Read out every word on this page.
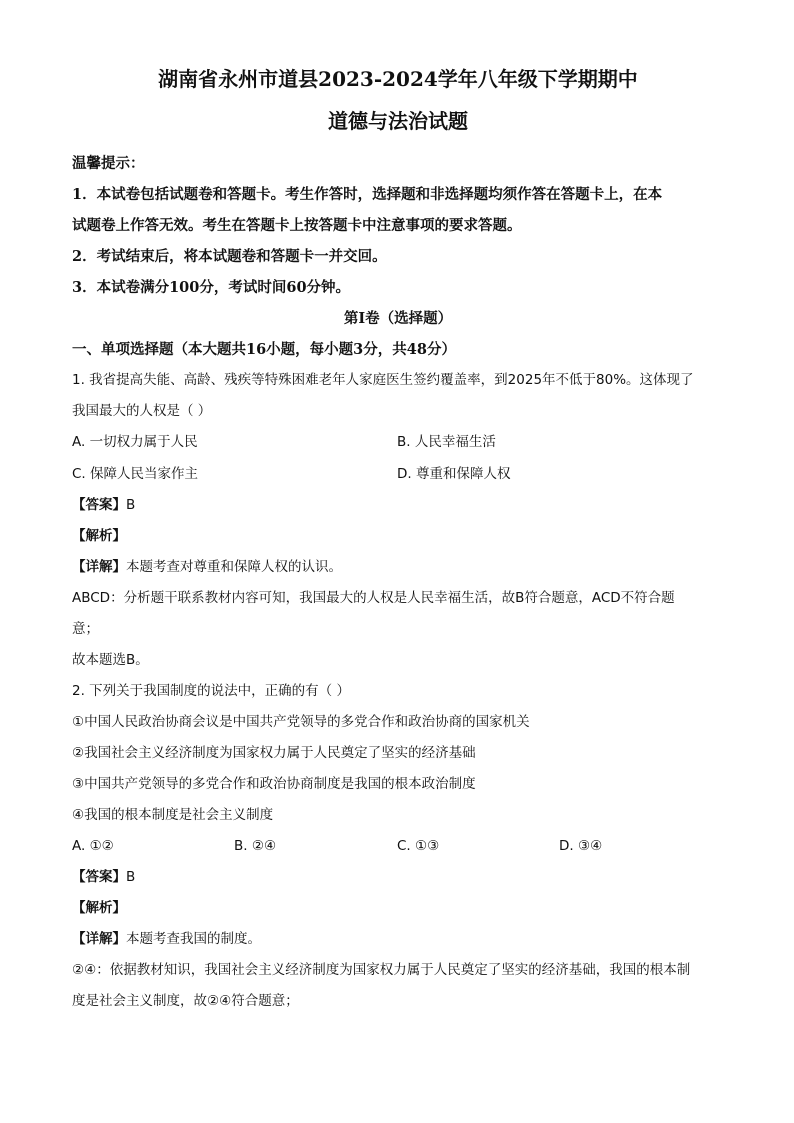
湖南省永州市道县2023-2024学年八年级下学期期中
道德与法治试题

温馨提示：

1．本试卷包括试题卷和答题卡。考生作答时，选择题和非选择题均须作答在答题卡上，在本

试题卷上作答无效。考生在答题卡上按答题卡中注意事项的要求答题。

2．考试结束后，将本试题卷和答题卡一并交回。

3．本试卷满分100分，考试时间60分钟。

第Ⅰ卷（选择题）

一、单项选择题（本大题共16小题，每小题3分，共48分）

1. 我省提高失能、高龄、残疾等特殊困难老年人家庭医生签约覆盖率，到2025年不低于80%。这体现了

我国最大的人权是（ ）

A. 一切权力属于人民	B. 人民幸福生活
C. 保障人民当家作主	D. 尊重和保障人权

【答案】B

【解析】

【详解】本题考查对尊重和保障人权的认识。

ABCD：分析题干联系教材内容可知，我国最大的人权是人民幸福生活，故B符合题意，ACD不符合题

意；

故本题选B。

2. 下列关于我国制度的说法中，正确的有（ ）

①中国人民政治协商会议是中国共产党领导的多党合作和政治协商的国家机关

②我国社会主义经济制度为国家权力属于人民奠定了坚实的经济基础

③中国共产党领导的多党合作和政治协商制度是我国的根本政治制度

④我国的根本制度是社会主义制度

A. ①②	B. ②④	C. ①③	D. ③④

【答案】B

【解析】

【详解】本题考查我国的制度。

②④：依据教材知识，我国社会主义经济制度为国家权力属于人民奠定了坚实的经济基础，我国的根本制

度是社会主义制度，故②④符合题意；
